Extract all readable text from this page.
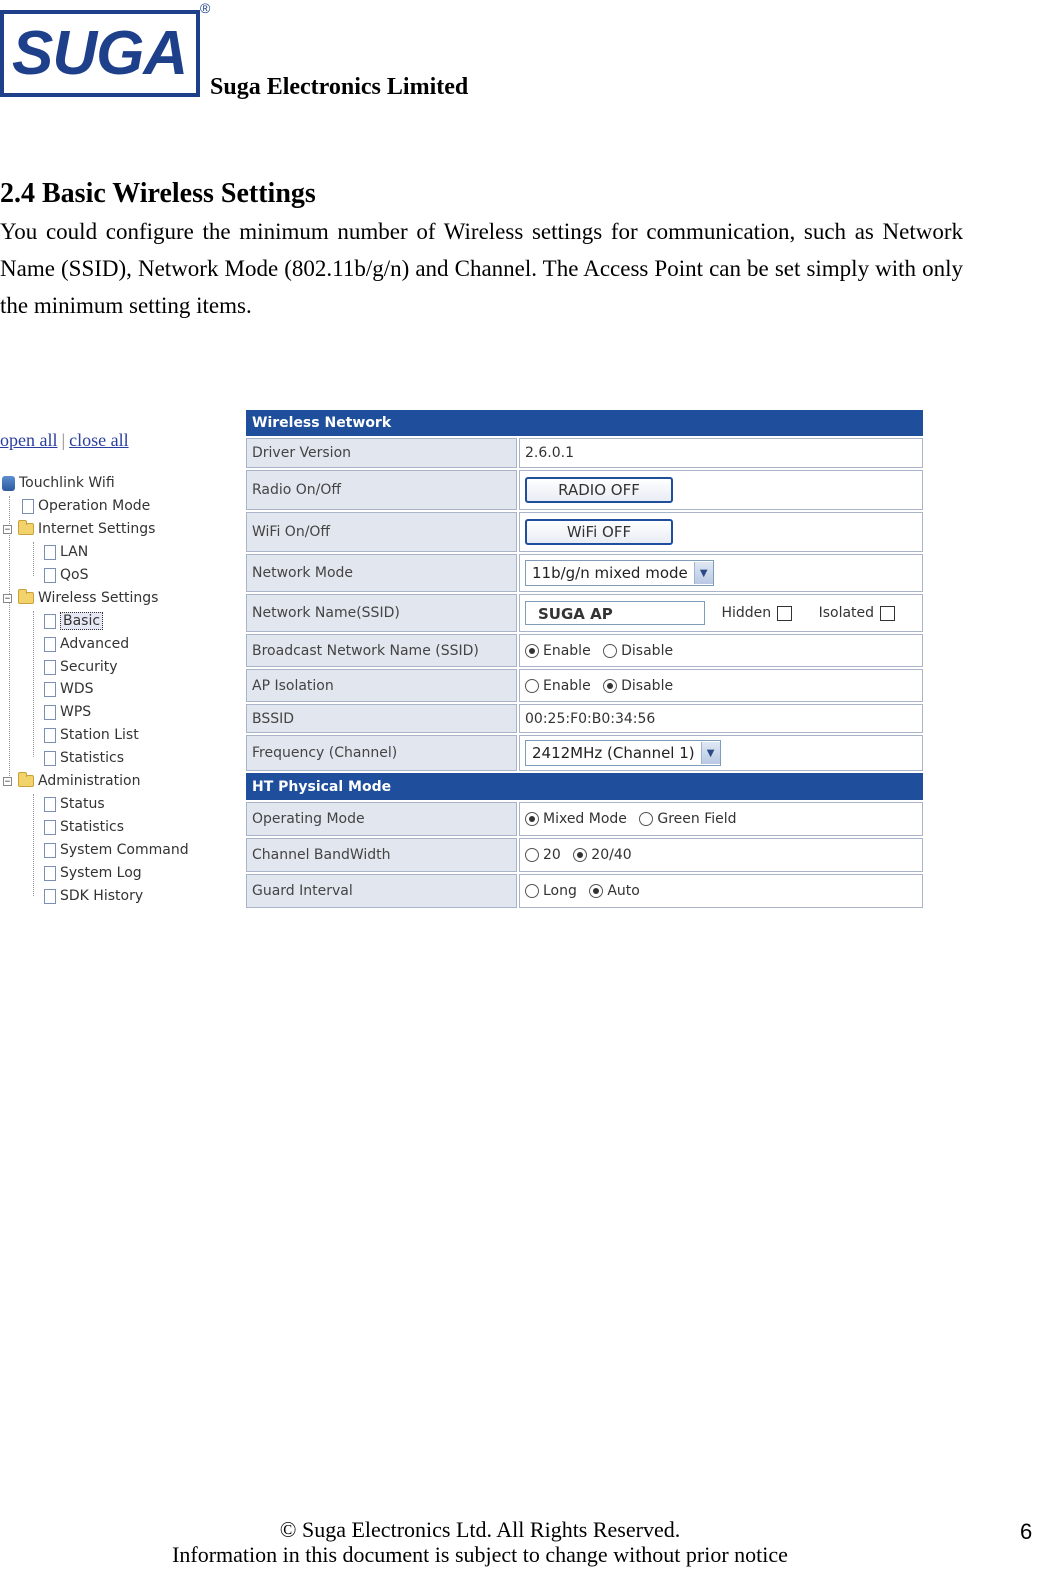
SUGA
®
Suga Electronics Limited
2.4 Basic Wireless Settings
You could configure the minimum number of Wireless settings for communication, such as Network Name (SSID), Network Mode (802.11b/g/n) and Channel. The Access Point can be set simply with only the minimum setting items.
open all | close all
Touchlink Wifi
Operation Mode
− Internet Settings
LAN
QoS
− Wireless Settings
Basic
Advanced
Security
WDS
WPS
Station List
Statistics
− Administration
Status
Statistics
System Command
System Log
SDK History
Wireless Network	
Driver Version	2.6.0.1
Radio On/Off	RADIO OFF
WiFi On/Off	WiFi OFF
Network Mode	11b/g/n mixed mode ▼

Network Name(SSID)	SUGA AP Hidden Isolated
Broadcast Network Name (SSID)	Enable Disable
AP Isolation	Enable Disable
BSSID	00:25:F0:B0:34:56
Frequency (Channel)	2412MHz (Channel 1) ▼

HT Physical Mode	
Operating Mode	Mixed Mode Green Field
Channel BandWidth	20 20/40
Guard Interval	Long Auto
© Suga Electronics Ltd. All Rights Reserved.
Information in this document is subject to change without prior notice
6
